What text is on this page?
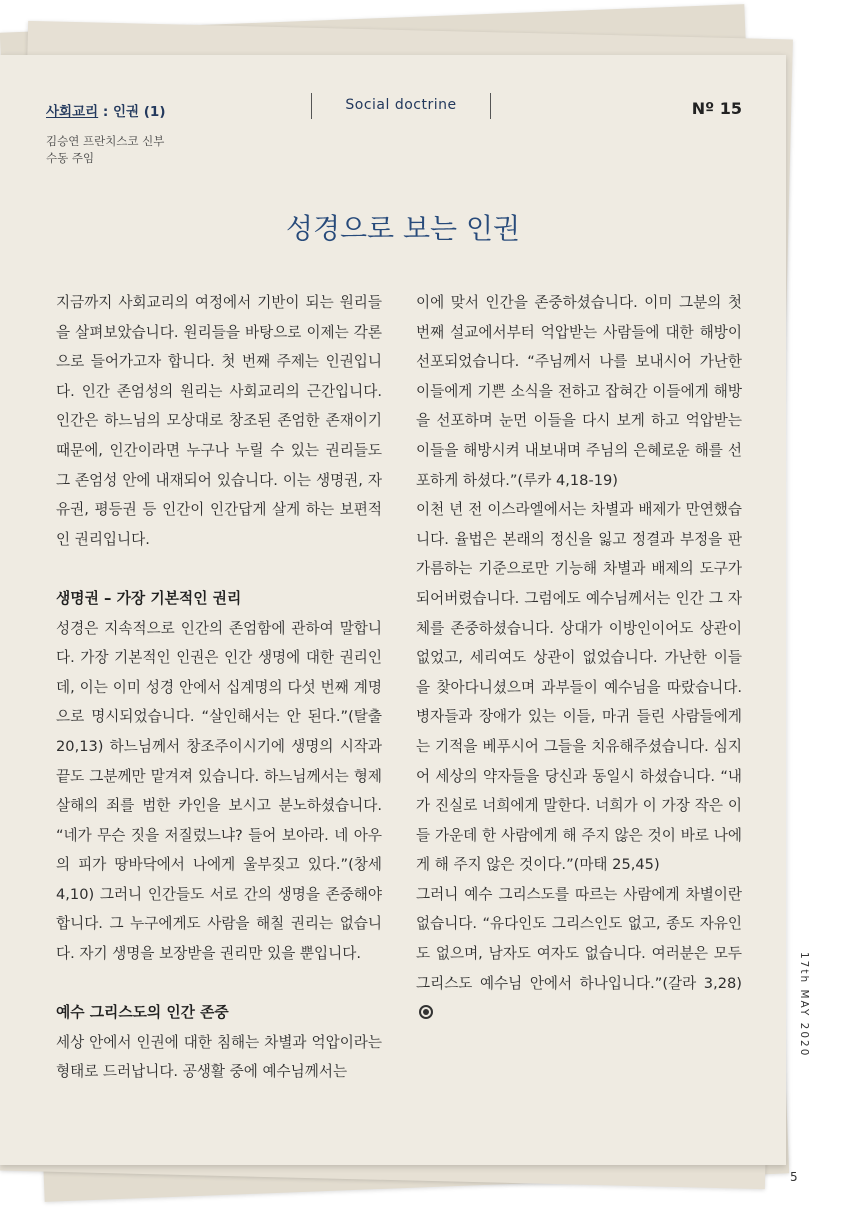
사회교리 : 인권 (1)	Social doctrine	Nº 15
김승연 프란치스코 신부
수동 주임
성경으로 보는 인권

지금까지 사회교리의 여정에서 기반이 되는 원리들을 살펴보았습니다. 원리들을 바탕으로 이제는 각론으로 들어가고자 합니다. 첫 번째 주제는 인권입니다. 인간 존엄성의 원리는 사회교리의 근간입니다. 인간은 하느님의 모상대로 창조된 존엄한 존재이기 때문에, 인간이라면 누구나 누릴 수 있는 권리들도 그 존엄성 안에 내재되어 있습니다. 이는 생명권, 자유권, 평등권 등 인간이 인간답게 살게 하는 보편적인 권리입니다.

생명권 – 가장 기본적인 권리

성경은 지속적으로 인간의 존엄함에 관하여 말합니다. 가장 기본적인 인권은 인간 생명에 대한 권리인데, 이는 이미 성경 안에서 십계명의 다섯 번째 계명으로 명시되었습니다. “살인해서는 안 된다.”(탈출 20,13) 하느님께서 창조주이시기에 생명의 시작과 끝도 그분께만 맡겨져 있습니다. 하느님께서는 형제 살해의 죄를 범한 카인을 보시고 분노하셨습니다. “네가 무슨 짓을 저질렀느냐? 들어 보아라. 네 아우의 피가 땅바닥에서 나에게 울부짖고 있다.”(창세 4,10) 그러니 인간들도 서로 간의 생명을 존중해야 합니다. 그 누구에게도 사람을 해칠 권리는 없습니다. 자기 생명을 보장받을 권리만 있을 뿐입니다.

예수 그리스도의 인간 존중

세상 안에서 인권에 대한 침해는 차별과 억압이라는 형태로 드러납니다. 공생활 중에 예수님께서는

이에 맞서 인간을 존중하셨습니다. 이미 그분의 첫 번째 설교에서부터 억압받는 사람들에 대한 해방이 선포되었습니다. “주님께서 나를 보내시어 가난한 이들에게 기쁜 소식을 전하고 잡혀간 이들에게 해방을 선포하며 눈먼 이들을 다시 보게 하고 억압받는 이들을 해방시켜 내보내며 주님의 은혜로운 해를 선포하게 하셨다.”(루카 4,18-19)

이천 년 전 이스라엘에서는 차별과 배제가 만연했습니다. 율법은 본래의 정신을 잃고 정결과 부정을 판가름하는 기준으로만 기능해 차별과 배제의 도구가 되어버렸습니다. 그럼에도 예수님께서는 인간 그 자체를 존중하셨습니다. 상대가 이방인이어도 상관이 없었고, 세리여도 상관이 없었습니다. 가난한 이들을 찾아다니셨으며 과부들이 예수님을 따랐습니다. 병자들과 장애가 있는 이들, 마귀 들린 사람들에게는 기적을 베푸시어 그들을 치유해주셨습니다. 심지어 세상의 약자들을 당신과 동일시 하셨습니다. “내가 진실로 너희에게 말한다. 너희가 이 가장 작은 이들 가운데 한 사람에게 해 주지 않은 것이 바로 나에게 해 주지 않은 것이다.”(마태 25,45)

그러니 예수 그리스도를 따르는 사람에게 차별이란 없습니다. “유다인도 그리스인도 없고, 종도 자유인도 없으며, 남자도 여자도 없습니다. 여러분은 모두 그리스도 예수님 안에서 하나입니다.”(갈라 3,28)	17th MAY 2020
5
